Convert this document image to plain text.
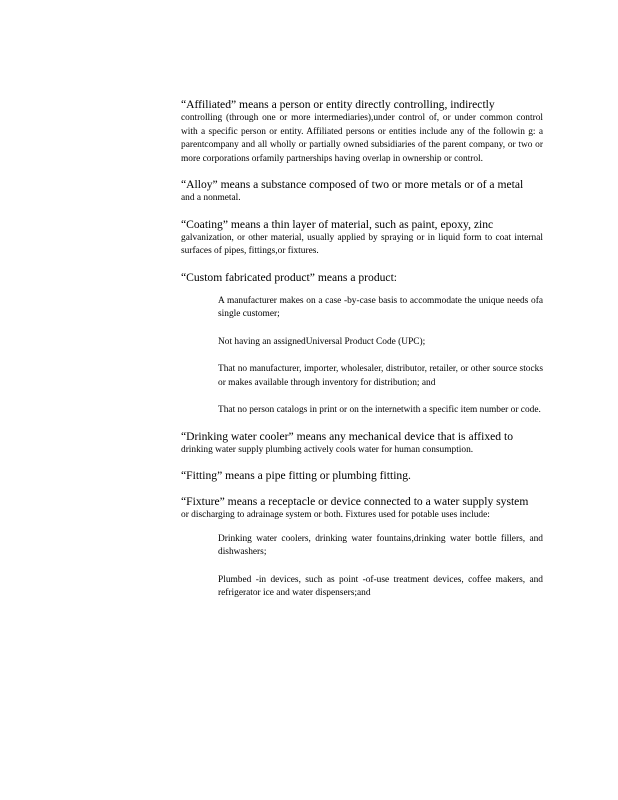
“Affiliated” means a person or entity directly controlling, indirectly

controlling (through one or more intermediaries),under control of, or under common control with a specific person or entity. Affiliated persons or entities include any of the followin g: a parentcompany and all wholly or partially owned subsidiaries of the parent company, or two or more corporations orfamily partnerships having overlap in ownership or control.

“Alloy” means a substance composed of two or more metals or of a metal

and a nonmetal.

“Coating” means a thin layer of material, such as paint, epoxy, zinc

galvanization, or other material, usually applied by spraying or in liquid form to coat internal surfaces of pipes, fittings,or fixtures.

“Custom fabricated product” means a product:

A manufacturer makes on a case -by-case basis to accommodate the unique needs ofa single customer;
Not having an assignedUniversal Product Code (UPC);
That no manufacturer, importer, wholesaler, distributor, retailer, or other source stocks or makes available through inventory for distribution; and
That no person catalogs in print or on the internetwith a specific item number or code.

“Drinking water cooler” means any mechanical device that is affixed to

drinking water supply plumbing actively cools water for human consumption.

“Fitting” means a pipe fitting or plumbing fitting.

“Fixture” means a receptacle or device connected to a water supply system

or discharging to adrainage system or both. Fixtures used for potable uses include:

Drinking water coolers, drinking water fountains,drinking water bottle fillers, and dishwashers;
Plumbed -in devices, such as point -of-use treatment devices, coffee makers, and refrigerator ice and water dispensers;and
